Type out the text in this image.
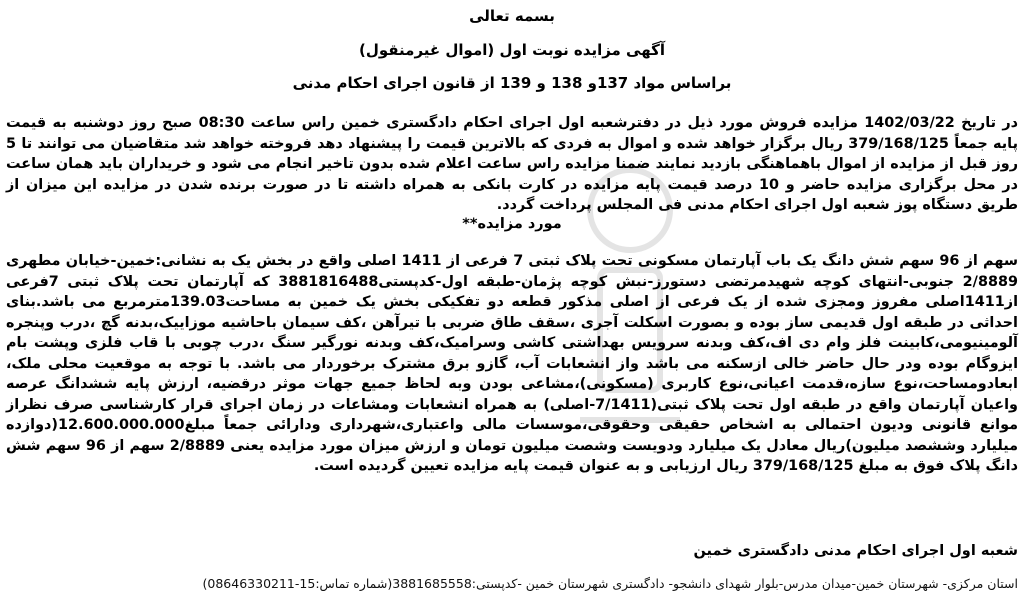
بسمه تعالی

آگهی مزایده نوبت اول (اموال غیرمنقول)

براساس مواد 137و 138 و 139 از قانون اجرای احکام مدنی

در تاریخ 1402/03/22 مزایده فروش مورد ذیل در دفترشعبه اول اجرای احکام دادگستری خمین راس ساعت 08:30 صبح روز دوشنبه به قیمت پایه جمعاً 379/168/125 ریال برگزار خواهد شده و اموال به فردی که بالاترین قیمت را پیشنهاد دهد فروخته خواهد شد متقاضیان می توانند تا 5 روز قبل از مزایده از اموال باهماهنگی بازدید نمایند ضمنا مزایده راس ساعت اعلام شده بدون تاخیر انجام می شود و خریداران باید همان ساعت در محل برگزاری مزایده حاضر و 10 درصد قیمت پایه مزایده در کارت بانکی به همراه داشته تا در صورت برنده شدن در مزایده این میزان از طریق دستگاه پوز شعبه اول اجرای احکام مدنی فی المجلس پرداخت گردد.

مورد مزایده**

سهم از 96 سهم شش دانگ یک باب آپارتمان مسکونی تحت پلاک ثبتی 7 فرعی از 1411 اصلی واقع در بخش یک به نشانی:خمین-خیابان مطهری 2/8889 جنوبی-انتهای کوچه شهیدمرتضی دستورز-نبش کوچه پژمان-طبقه اول-کدپستی3881816488 که آپارتمان تحت پلاک ثبتی 7فرعی از1411اصلی مفروز ومجزی شده از یک فرعی از اصلی مذکور قطعه دو تفکیکی بخش یک خمین به مساحت139.03مترمربع می باشد.بنای احداثی در طبقه اول قدیمی ساز بوده و بصورت اسکلت آجری ،سقف طاق ضربی با تیرآهن ،کف سیمان باحاشیه موزاییک،بدنه گچ ،درب وپنجره آلومینیومی،کابینت فلز وام دی اف،کف وبدنه سرویس بهداشتی کاشی وسرامیک،کف وبدنه نورگیر سنگ ،درب چوبی با قاب فلزی وپشت بام ایزوگام بوده ودر حال حاضر خالی ازسکنه می باشد واز انشعابات آب، گازو برق مشترک برخوردار می باشد. با توجه به موقعیت محلی ملک، ابعادومساحت،نوع سازه،قدمت اعیانی،نوع کاربری (مسکونی)،مشاعی بودن وبه لحاظ جمیع جهات موثر درقضیه، ارزش پایه ششدانگ عرصه واعیان آپارتمان واقع در طبقه اول تحت پلاک ثبتی(7/1411-اصلی) به همراه انشعابات ومشاعات در زمان اجرای قرار کارشناسی صرف نظراز موانع قانونی ودیون احتمالی به اشخاص حقیقی وحقوقی،موسسات مالی واعتباری،شهرداری ودارائی جمعاً مبلغ12.600.000.000(دوازده میلیارد وششصد میلیون)ریال معادل یک میلیارد ودویست وشصت میلیون تومان و ارزش میزان مورد مزایده یعنی 2/8889 سهم از 96 سهم شش دانگ پلاک فوق به مبلغ 379/168/125 ریال ارزیابی و به عنوان قیمت پایه مزایده تعیین گردیده است.

شعبه اول اجرای احکام مدنی دادگستری خمین

استان مرکزی- شهرستان خمین-میدان مدرس-بلوار شهدای دانشجو- دادگستری شهرستان خمین -کدپستی:3881685558(شماره تماس:15-08646330211)
